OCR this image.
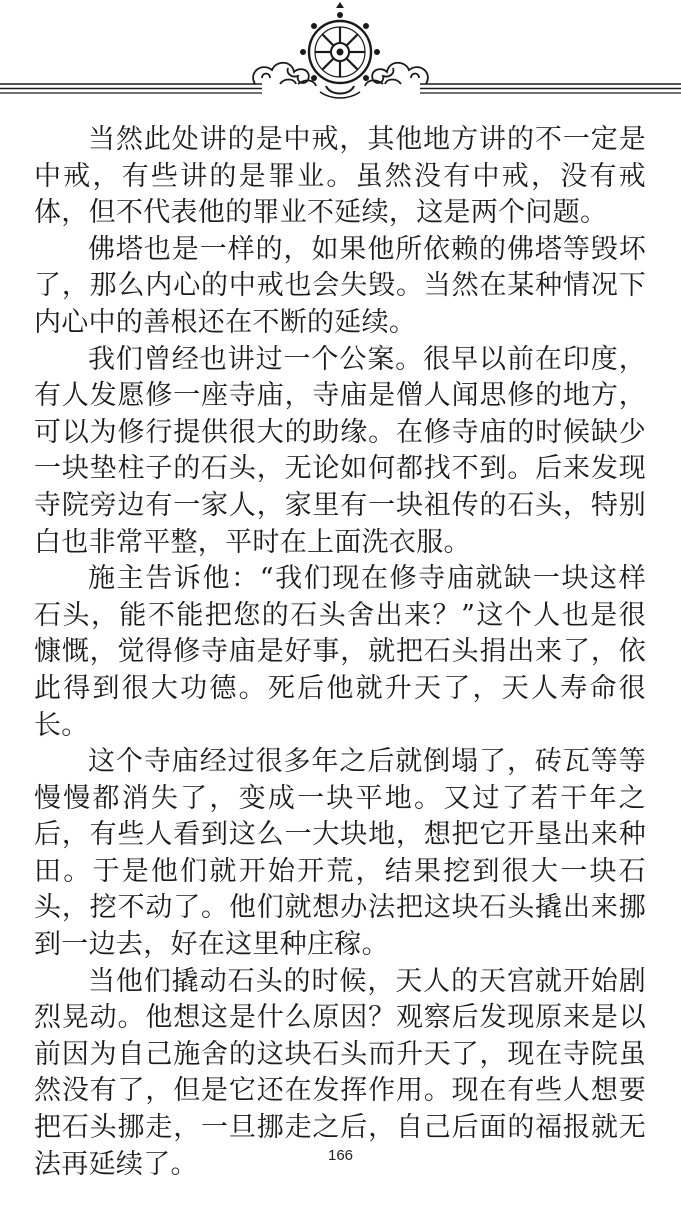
当然此处讲的是中戒，其他地方讲的不一定是中戒，有些讲的是罪业。虽然没有中戒，没有戒体，但不代表他的罪业不延续，这是两个问题。

佛塔也是一样的，如果他所依赖的佛塔等毁坏了，那么内心的中戒也会失毁。当然在某种情况下内心中的善根还在不断的延续。

我们曾经也讲过一个公案。很早以前在印度，有人发愿修一座寺庙，寺庙是僧人闻思修的地方，可以为修行提供很大的助缘。在修寺庙的时候缺少一块垫柱子的石头，无论如何都找不到。后来发现寺院旁边有一家人，家里有一块祖传的石头，特别白也非常平整，平时在上面洗衣服。

施主告诉他：“我们现在修寺庙就缺一块这样石头，能不能把您的石头舍出来？”这个人也是很慷慨，觉得修寺庙是好事，就把石头捐出来了，依此得到很大功德。死后他就升天了，天人寿命很长。

这个寺庙经过很多年之后就倒塌了，砖瓦等等慢慢都消失了，变成一块平地。又过了若干年之后，有些人看到这么一大块地，想把它开垦出来种田。于是他们就开始开荒，结果挖到很大一块石头，挖不动了。他们就想办法把这块石头撬出来挪到一边去，好在这里种庄稼。

当他们撬动石头的时候，天人的天宫就开始剧烈晃动。他想这是什么原因？观察后发现原来是以前因为自己施舍的这块石头而升天了，现在寺院虽然没有了，但是它还在发挥作用。现在有些人想要把石头挪走，一旦挪走之后，自己后面的福报就无法再延续了。	166
